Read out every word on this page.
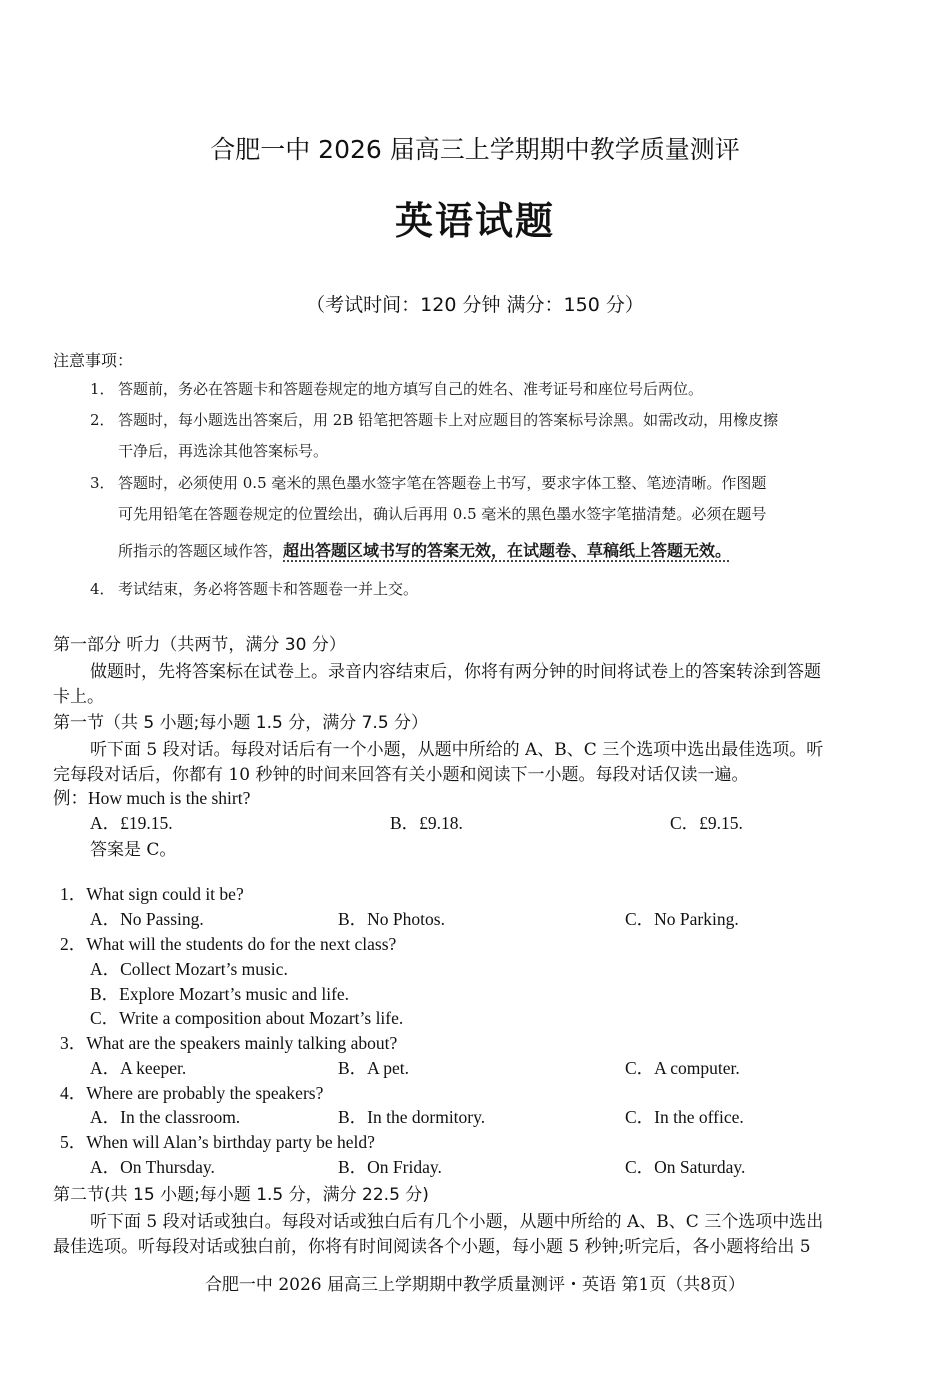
合肥一中 2026 届高三上学期期中教学质量测评
英语试题
（考试时间：120 分钟 满分：150 分）
注意事项：
1． 答题前，务必在答题卡和答题卷规定的地方填写自己的姓名、准考证号和座位号后两位。
2． 答题时，每小题选出答案后，用 2B 铅笔把答题卡上对应题目的答案标号涂黑。如需改动，用橡皮擦
干净后，再选涂其他答案标号。
3． 答题时，必须使用 0.5 毫米的黑色墨水签字笔在答题卷上书写，要求字体工整、笔迹清晰。作图题
可先用铅笔在答题卷规定的位置绘出，确认后再用 0.5 毫米的黑色墨水签字笔描清楚。必须在题号
所指示的答题区域作答，超出答题区域书写的答案无效，在试题卷、草稿纸上答题无效。
4． 考试结束，务必将答题卡和答题卷一并上交。
第一部分 听力（共两节，满分 30 分）
做题时，先将答案标在试卷上。录音内容结束后，你将有两分钟的时间将试卷上的答案转涂到答题
卡上。
第一节（共 5 小题;每小题 1.5 分，满分 7.5 分）
听下面 5 段对话。每段对话后有一个小题，从题中所给的 A、B、C 三个选项中选出最佳选项。听
完每段对话后，你都有 10 秒钟的时间来回答有关小题和阅读下一小题。每段对话仅读一遍。
例：How much is the shirt?
A．£19.15.	B．£9.18.	C．£9.15.
答案是 C。
1．What sign could it be?
A．No Passing.	B．No Photos.	C．No Parking.
2．What will the students do for the next class?
A．Collect Mozart’s music.
B．Explore Mozart’s music and life.
C．Write a composition about Mozart’s life.
3．What are the speakers mainly talking about?
A．A keeper.	B．A pet.	C．A computer.
4．Where are probably the speakers?
A．In the classroom.	B．In the dormitory.	C．In the office.
5．When will Alan’s birthday party be held?
A．On Thursday.	B．On Friday.	C．On Saturday.
第二节(共 15 小题;每小题 1.5 分，满分 22.5 分)
听下面 5 段对话或独白。每段对话或独白后有几个小题，从题中所给的 A、B、C 三个选项中选出
最佳选项。听每段对话或独白前，你将有时间阅读各个小题，每小题 5 秒钟;听完后，各小题将给出 5
合肥一中 2026 届高三上学期期中教学质量测评・英语 第1页（共8页）
